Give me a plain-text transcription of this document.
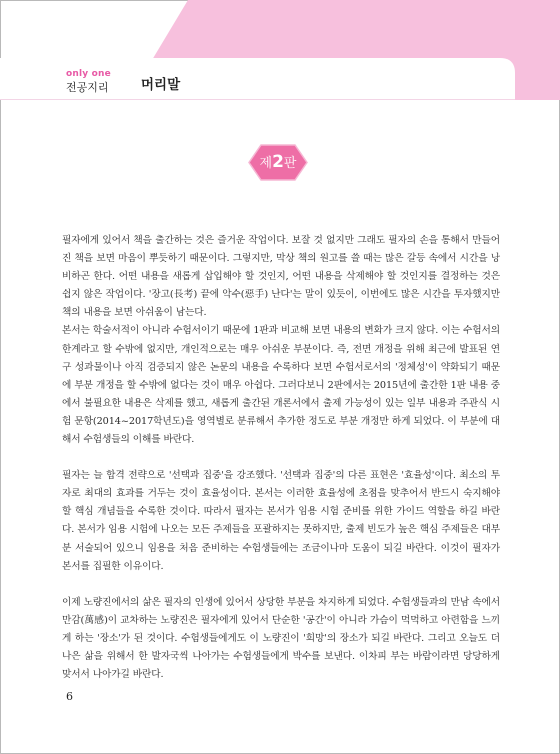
only one
전공지리 머리말
제2판

필자에게 있어서 책을 출간하는 것은 즐거운 작업이다. 보잘 것 없지만 그래도 필자의 손을 통해서 만들어진 책을 보면 마음이 뿌듯하기 때문이다. 그렇지만, 막상 책의 원고를 쓸 때는 많은 갈등 속에서 시간을 낭비하곤 한다. 어떤 내용을 새롭게 삽입해야 할 것인지, 어떤 내용을 삭제해야 할 것인지를 결정하는 것은 쉽지 않은 작업이다. '장고(長考) 끝에 악수(惡手) 난다'는 말이 있듯이, 이번에도 많은 시간을 투자했지만 책의 내용을 보면 아쉬움이 남는다.

본서는 학술서적이 아니라 수험서이기 때문에 1판과 비교해 보면 내용의 변화가 크지 않다. 이는 수험서의 한계라고 할 수밖에 없지만, 개인적으로는 매우 아쉬운 부분이다. 즉, 전면 개정을 위해 최근에 발표된 연구 성과물이나 아직 검증되지 않은 논문의 내용을 수록하다 보면 수험서로서의 '정체성'이 약화되기 때문에 부분 개정을 할 수밖에 없다는 것이 매우 아쉽다. 그러다보니 2판에서는 2015년에 출간한 1판 내용 중에서 불필요한 내용은 삭제를 했고, 새롭게 출간된 개론서에서 출제 가능성이 있는 일부 내용과 주관식 시험 문항(2014~2017학년도)을 영역별로 분류해서 추가한 정도로 부분 개정만 하게 되었다. 이 부분에 대해서 수험생들의 이해를 바란다.

필자는 늘 합격 전략으로 '선택과 집중'을 강조했다. '선택과 집중'의 다른 표현은 '효율성'이다. 최소의 투자로 최대의 효과를 거두는 것이 효율성이다. 본서는 이러한 효율성에 초점을 맞추어서 반드시 숙지해야 할 핵심 개념들을 수록한 것이다. 따라서 필자는 본서가 임용 시험 준비를 위한 가이드 역할을 하길 바란다. 본서가 임용 시험에 나오는 모든 주제들을 포괄하지는 못하지만, 출제 빈도가 높은 핵심 주제들은 대부분 서술되어 있으니 임용을 처음 준비하는 수험생들에는 조금이나마 도움이 되길 바란다. 이것이 필자가 본서를 집필한 이유이다.

이제 노량진에서의 삶은 필자의 인생에 있어서 상당한 부분을 차지하게 되었다. 수험생들과의 만남 속에서 만감(萬感)이 교차하는 노량진은 필자에게 있어서 단순한 '공간'이 아니라 가슴이 먹먹하고 아련함을 느끼게 하는 '장소'가 된 것이다. 수험생들에게도 이 노량진이 '희망'의 장소가 되길 바란다. 그리고 오늘도 더 나은 삶을 위해서 한 발자국씩 나아가는 수험생들에게 박수를 보낸다. 이차피 부는 바람이라면 당당하게 맞서서 나아가길 바란다.

6
